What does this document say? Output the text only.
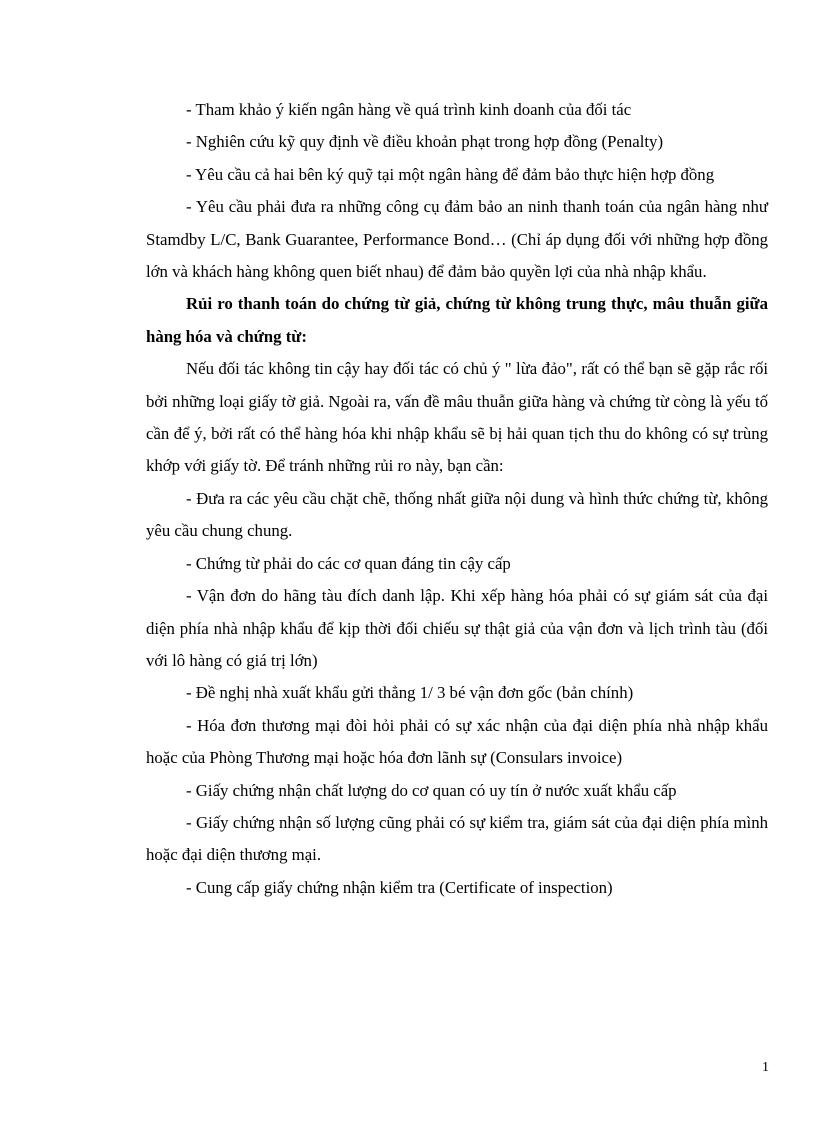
- Tham khảo ý kiến ngân hàng về quá trình kinh doanh của đối tác

- Nghiên cứu kỹ quy định về điều khoản phạt trong hợp đồng (Penalty)

- Yêu cầu cả hai bên ký quỹ tại một ngân hàng để đảm bảo thực hiện hợp đồng

- Yêu cầu phải đưa ra những công cụ đảm bảo an ninh thanh toán của ngân hàng như Stamdby L/C, Bank Guarantee, Performance Bond… (Chỉ áp dụng đối với những hợp đồng lớn và khách hàng không quen biết nhau) để đảm bảo quyền lợi của nhà nhập khẩu.

Rủi ro thanh toán do chứng từ giả, chứng từ không trung thực, mâu thuẫn giữa hàng hóa và chứng từ:

Nếu đối tác không tin cậy hay đối tác có chủ ý " lừa đảo", rất có thể bạn sẽ gặp rắc rối bởi những loại giấy tờ giả. Ngoài ra, vấn đề mâu thuẫn giữa hàng và chứng từ còng là yếu tố cần để ý, bởi rất có thể hàng hóa khi nhập khẩu sẽ bị hải quan tịch thu do không có sự trùng khớp với giấy tờ. Để tránh những rủi ro này, bạn cần:

- Đưa ra các yêu cầu chặt chẽ, thống nhất giữa nội dung và hình thức chứng từ, không yêu cầu chung chung.

- Chứng từ phải do các cơ quan đáng tin cậy cấp

- Vận đơn do hãng tàu đích danh lập. Khi xếp hàng hóa phải có sự giám sát của đại diện phía nhà nhập khẩu để kịp thời đối chiếu sự thật giả của vận đơn và lịch trình tàu (đối với lô hàng có giá trị lớn)

- Đề nghị nhà xuất khẩu gửi thẳng 1/ 3 bé vận đơn gốc (bản chính)

- Hóa đơn thương mại đòi hỏi phải có sự xác nhận của đại diện phía nhà nhập khẩu hoặc của Phòng Thương mại hoặc hóa đơn lãnh sự (Consulars invoice)

- Giấy chứng nhận chất lượng do cơ quan có uy tín ở nước xuất khẩu cấp

- Giấy chứng nhận số lượng cũng phải có sự kiểm tra, giám sát của đại diện phía mình hoặc đại diện thương mại.

- Cung cấp giấy chứng nhận kiểm tra (Certificate of inspection)

1
